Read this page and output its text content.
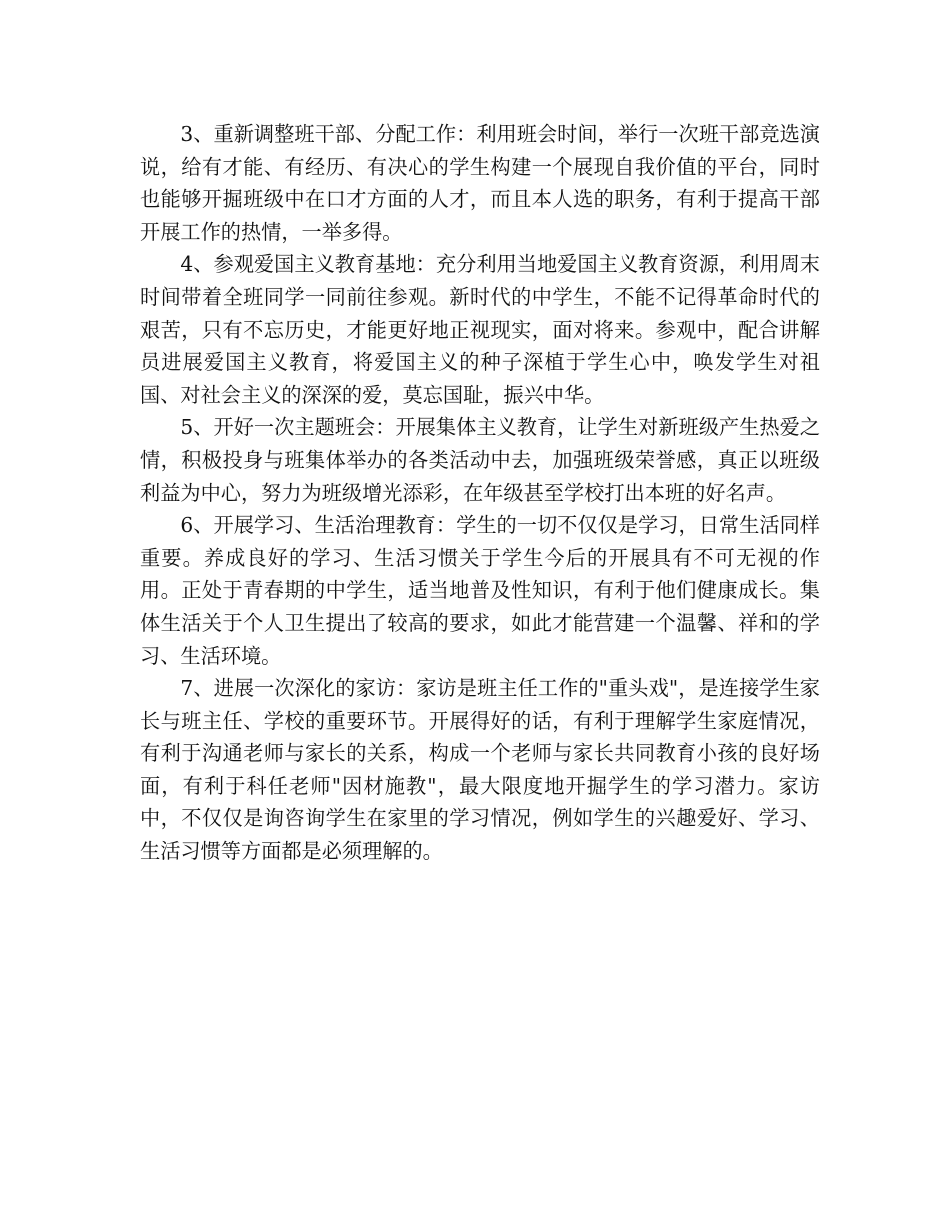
3、重新调整班干部、分配工作：利用班会时间，举行一次班干部竞选演说，给有才能、有经历、有决心的学生构建一个展现自我价值的平台，同时也能够开掘班级中在口才方面的人才，而且本人选的职务，有利于提高干部开展工作的热情，一举多得。

4、参观爱国主义教育基地：充分利用当地爱国主义教育资源，利用周末时间带着全班同学一同前往参观。新时代的中学生，不能不记得革命时代的艰苦，只有不忘历史，才能更好地正视现实，面对将来。参观中，配合讲解员进展爱国主义教育，将爱国主义的种子深植于学生心中，唤发学生对祖国、对社会主义的深深的爱，莫忘国耻，振兴中华。

5、开好一次主题班会：开展集体主义教育，让学生对新班级产生热爱之情，积极投身与班集体举办的各类活动中去，加强班级荣誉感，真正以班级利益为中心，努力为班级增光添彩，在年级甚至学校打出本班的好名声。

6、开展学习、生活治理教育：学生的一切不仅仅是学习，日常生活同样重要。养成良好的学习、生活习惯关于学生今后的开展具有不可无视的作用。正处于青春期的中学生，适当地普及性知识，有利于他们健康成长。集体生活关于个人卫生提出了较高的要求，如此才能营建一个温馨、祥和的学习、生活环境。

7、进展一次深化的家访：家访是班主任工作的"重头戏"，是连接学生家长与班主任、学校的重要环节。开展得好的话，有利于理解学生家庭情况，有利于沟通老师与家长的关系，构成一个老师与家长共同教育小孩的良好场面，有利于科任老师"因材施教"，最大限度地开掘学生的学习潜力。家访中，不仅仅是询咨询学生在家里的学习情况，例如学生的兴趣爱好、学习、生活习惯等方面都是必须理解的。
